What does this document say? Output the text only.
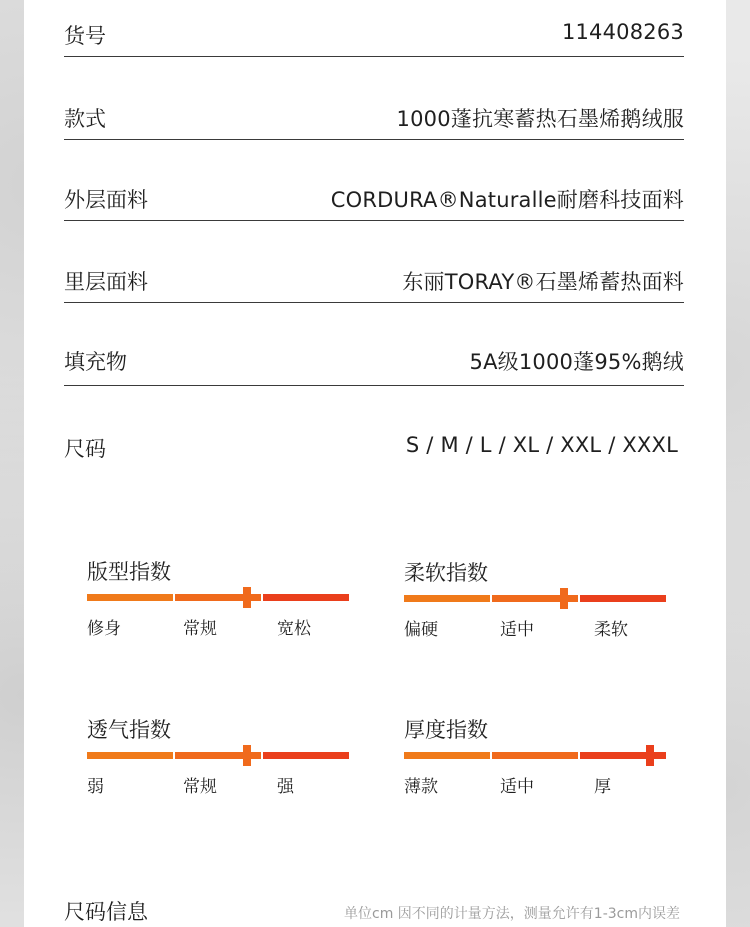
货号	114408263
款式	1000蓬抗寒蓄热石墨烯鹅绒服
外层面料	CORDURA®Naturalle耐磨科技面料
里层面料	东丽TORAY®石墨烯蓄热面料
填充物	5A级1000蓬95%鹅绒
尺码	S / M / L / XL / XXL / XXXL
版型指数
修身	常规	宽松
柔软指数
偏硬	适中	柔软
透气指数
弱	常规	强
厚度指数
薄款	适中	厚
尺码信息	单位cm 因不同的计量方法，测量允许有1-3cm内误差
